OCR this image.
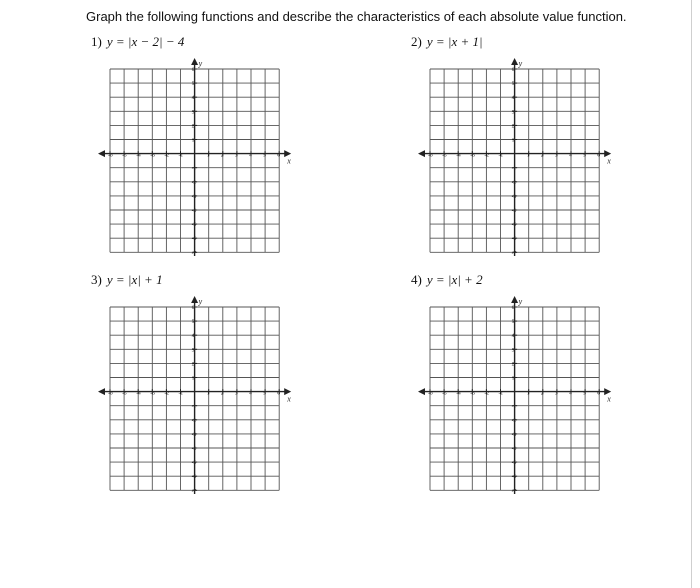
Graph the following functions and describe the characteristics of each absolute value function.
1) y = |x − 2| − 4	2) y = |x + 1|
3) y = |x| + 1	4) y = |x| + 2
x
y
-6 -5 -4 -3 -2 -1	1 2 3 4 5 6
6
5
4
3
2
1
-1
-2
-3
-4
-5
-6
-7
x
y
-6 -5 -4 -3 -2 -1	1 2 3 4 5 6
6
5
4
3
2
1
-1
-2
-3
-4
-5
-6
-7
x
y
-6 -5 -4 -3 -2 -1	1 2 3 4 5 6
6
5
4
3
2
1
-1
-2
-3
-4
-5
-6
-7
x
y
-6 -5 -4 -3 -2 -1	1 2 3 4 5 6
6
5
4
3
2
1
-1
-2
-3
-4
-5
-6
-7
